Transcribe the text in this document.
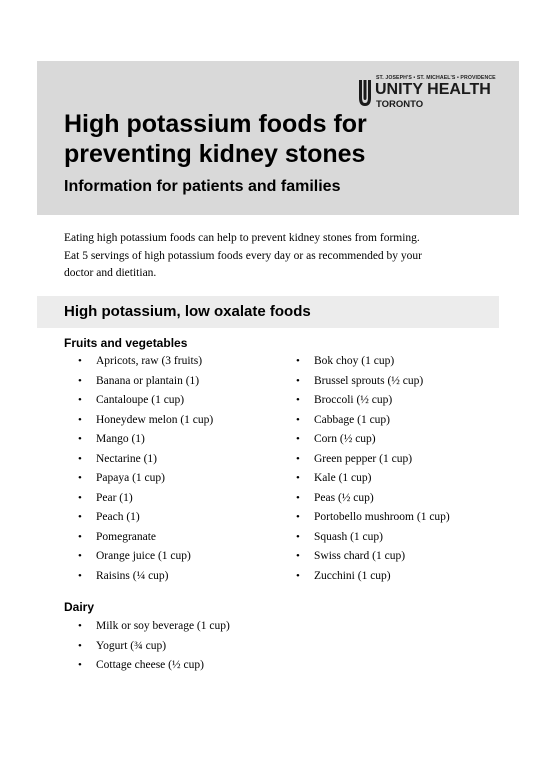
ST. JOSEPH'S • ST. MICHAEL'S • PROVIDENCE
UNITY HEALTH
TORONTO
High potassium foods for
preventing kidney stones
Information for patients and families

Eating high potassium foods can help to prevent kidney stones from forming.
Eat 5 servings of high potassium foods every day or as recommended by your
doctor and dietitian.

High potassium, low oxalate foods
Fruits and vegetables
• Apricots, raw (3 fruits)
• Banana or plantain (1)
• Cantaloupe (1 cup)
• Honeydew melon (1 cup)
• Mango (1)
• Nectarine (1)
• Papaya (1 cup)
• Pear (1)
• Peach (1)
• Pomegranate
• Orange juice (1 cup)
• Raisins (¼ cup)
• Bok choy (1 cup)
• Brussel sprouts (½ cup)
• Broccoli (½ cup)
• Cabbage (1 cup)
• Corn (½ cup)
• Green pepper (1 cup)
• Kale (1 cup)
• Peas (½ cup)
• Portobello mushroom (1 cup)
• Squash (1 cup)
• Swiss chard (1 cup)
• Zucchini (1 cup)
Dairy
• Milk or soy beverage (1 cup)
• Yogurt (¾ cup)
• Cottage cheese (½ cup)
